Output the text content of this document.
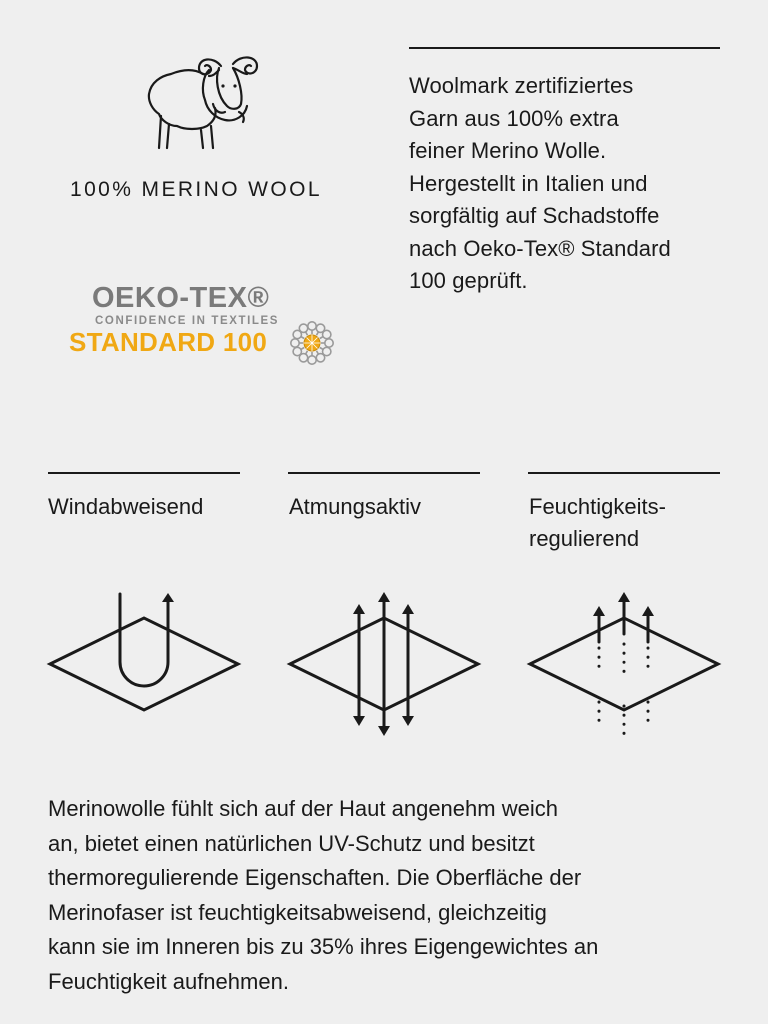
Woolmark zertifiziertes
Garn aus 100% extra
feiner Merino Wolle.
Hergestellt in Italien und
sorgfältig auf Schadstoffe
nach Oeko-Tex® Standard
100 geprüft.
100% MERINO WOOL
OEKO-TEX®
CONFIDENCE IN TEXTILES
STANDARD 100
Windabweisend	Atmungsaktiv	Feuchtigkeits-
regulierend
Merinowolle fühlt sich auf der Haut angenehm weich
an, bietet einen natürlichen UV-Schutz und besitzt
thermoregulierende Eigenschaften. Die Oberfläche der
Merinofaser ist feuchtigkeitsabweisend, gleichzeitig
kann sie im Inneren bis zu 35% ihres Eigengewichtes an
Feuchtigkeit aufnehmen.
